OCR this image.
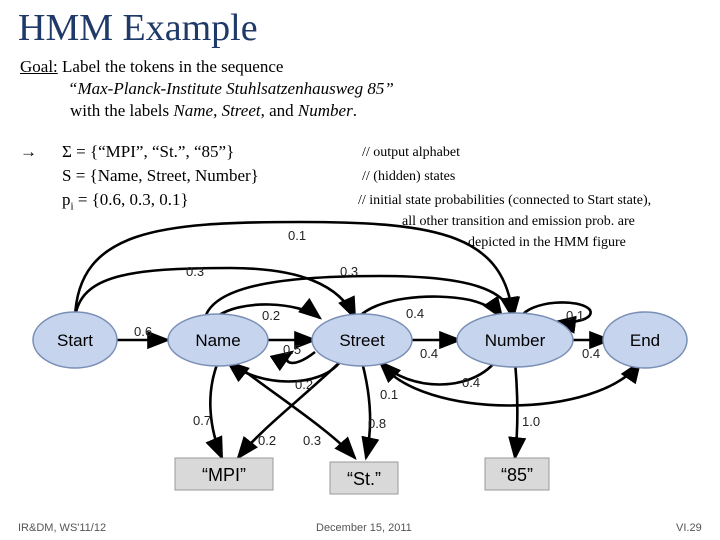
HMM Example
Goal: Label the tokens in the sequence
“Max-Planck-Institute Stuhlsatzenhausweg 85”
with the labels Name, Street, and Number.
→	Σ = {“MPI”, “St.”, “85”}
S = {Name, Street, Number}
$p_i = \{0.6$, 0.3, 0.1}
// output alphabet
// (hidden) states
// initial state probabilities (connected to Start state),
all other transition and emission prob. are
depicted in the HMM figure
Start	Name	Street	Number	End
“MPI”	“St.”	“85”
0.1
0.3	0.3
0.6
0.2	0.4	0.1
0.5	0.4	0.4
0.2	0.4
0.1
0.7
0.2 0.3
0.8	1.0
IR&DM, WS'11/12	December 15, 2011	VI.29
